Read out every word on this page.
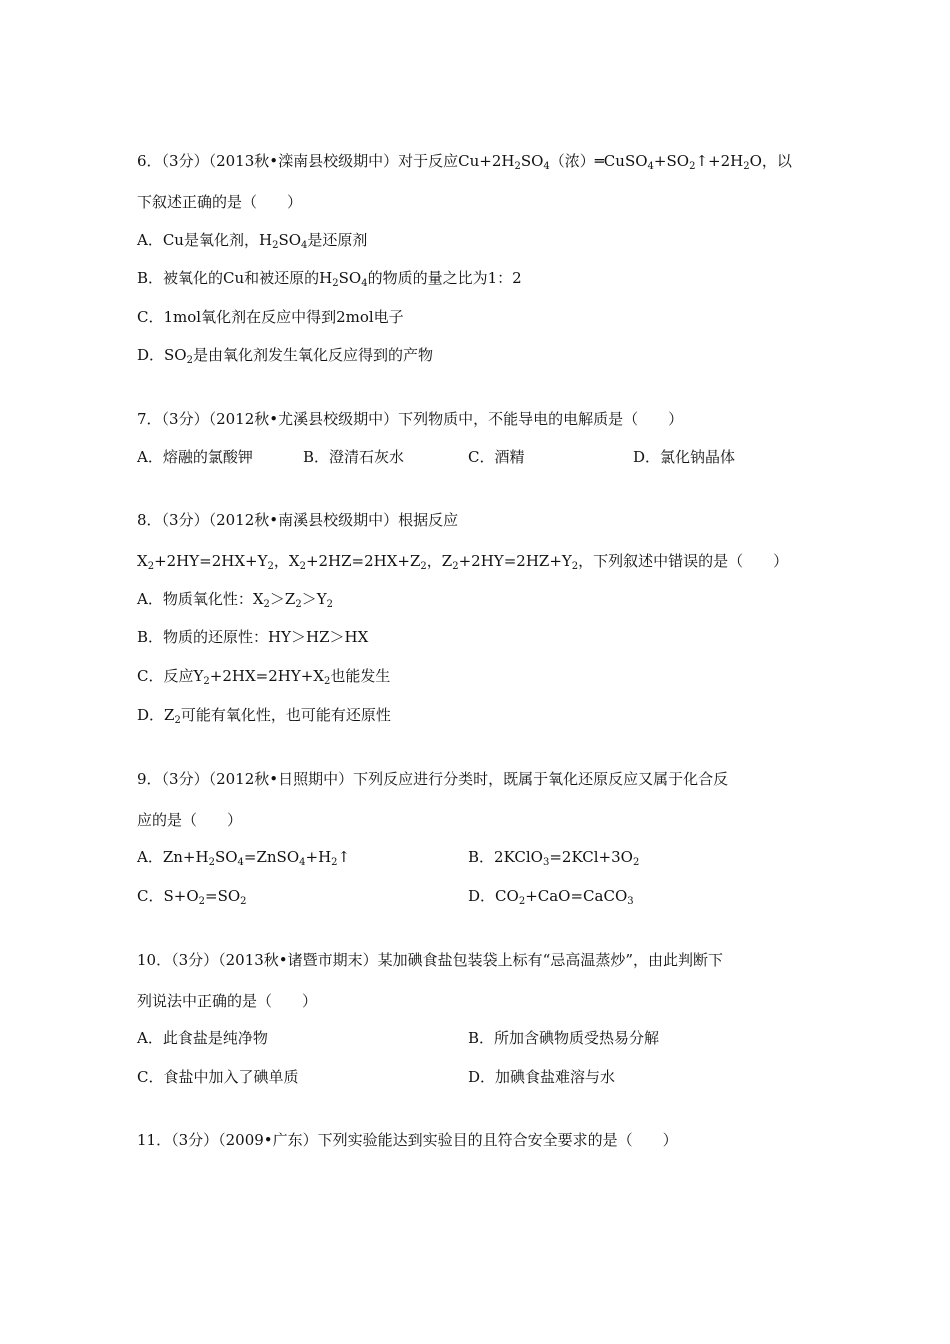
6．（3分）（2013秋•滦南县校级期中）对于反应$Cu+2H_2SO_4$（浓）$═CuSO_4+SO_2↑+2H_2O$，以
下叙述正确的是（　　）
A．Cu是氧化剂，$H_2SO_4$是还原剂
B．被氧化的Cu和被还原的$H_2SO_4$的物质的量之比为1：2
C．1mol氧化剂在反应中得到2mol电子
D．$SO_2$是由氧化剂发生氧化反应得到的产物
7．（3分）（2012秋•尤溪县校级期中）下列物质中，不能导电的电解质是（　　）
A．熔融的氯酸钾	B．澄清石灰水	C．酒精	D．氯化钠晶体
8．（3分）（2012秋•南溪县校级期中）根据反应
$X_2+2HY=2HX+Y_2$，$X_2+2HZ=2HX+Z_2$，$Z_2+2HY=2HZ+Y_2$，下列叙述中错误的是（　　）
A．物质氧化性：$X_2>Z_2>Y_2$
B．物质的还原性：HY＞HZ＞HX
C．反应$Y_2+2HX=2HY+X_2$也能发生
D．$Z_2$可能有氧化性，也可能有还原性
9．（3分）（2012秋•日照期中）下列反应进行分类时，既属于氧化还原反应又属于化合反
应的是（　　）
A．$Zn+H_2SO_4=ZnSO_4+H_2↑$	B．$2KClO_3=2KCl+3O_2$
C．$S+O_2=SO_2$	D．$CO_2+CaO=CaCO_3$
10．（3分）（2013秋•诸暨市期末）某加碘食盐包装袋上标有“忌高温蒸炒”，由此判断下
列说法中正确的是（　　）
A．此食盐是纯净物	B．所加含碘物质受热易分解
C．食盐中加入了碘单质	D．加碘食盐难溶与水
11．（3分）（2009•广东）下列实验能达到实验目的且符合安全要求的是（　　）
